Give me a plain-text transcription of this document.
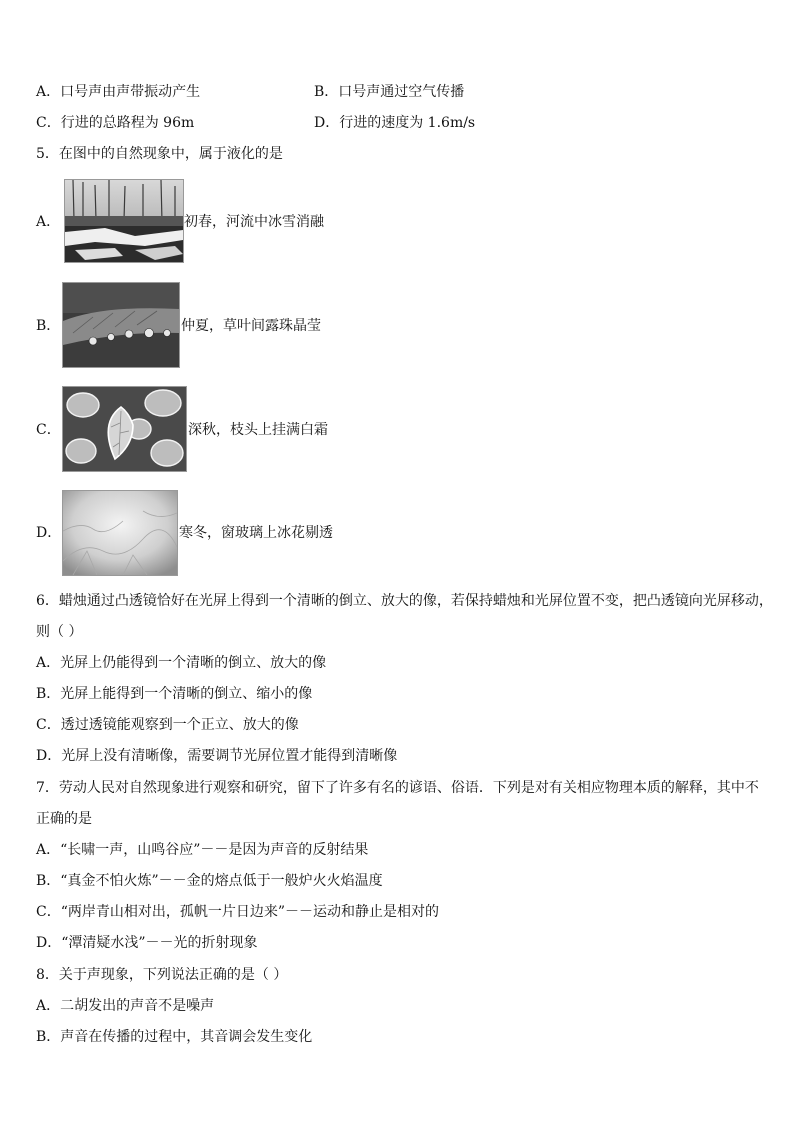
A．口号声由声带振动产生	B．口号声通过空气传播
C．行进的总路程为 96m	D．行进的速度为 1.6m/s
5．在图中的自然现象中，属于液化的是
A．	初春，河流中冰雪消融
B．	仲夏，草叶间露珠晶莹
C．	深秋，枝头上挂满白霜
D．	寒冬，窗玻璃上冰花剔透
6．蜡烛通过凸透镜恰好在光屏上得到一个清晰的倒立、放大的像，若保持蜡烛和光屏位置不变，把凸透镜向光屏移动，
则（ ）
A．光屏上仍能得到一个清晰的倒立、放大的像
B．光屏上能得到一个清晰的倒立、缩小的像
C．透过透镜能观察到一个正立、放大的像
D．光屏上没有清晰像，需要调节光屏位置才能得到清晰像
7．劳动人民对自然现象进行观察和研究，留下了许多有名的谚语、俗语．下列是对有关相应物理本质的解释，其中不
正确的是
A．“长啸一声，山鸣谷应”－－是因为声音的反射结果
B．“真金不怕火炼”－－金的熔点低于一般炉火火焰温度
C．“两岸青山相对出，孤帆一片日边来”－－运动和静止是相对的
D．“潭清疑水浅”－－光的折射现象
8．关于声现象，下列说法正确的是（ ）
A．二胡发出的声音不是噪声
B．声音在传播的过程中，其音调会发生变化
